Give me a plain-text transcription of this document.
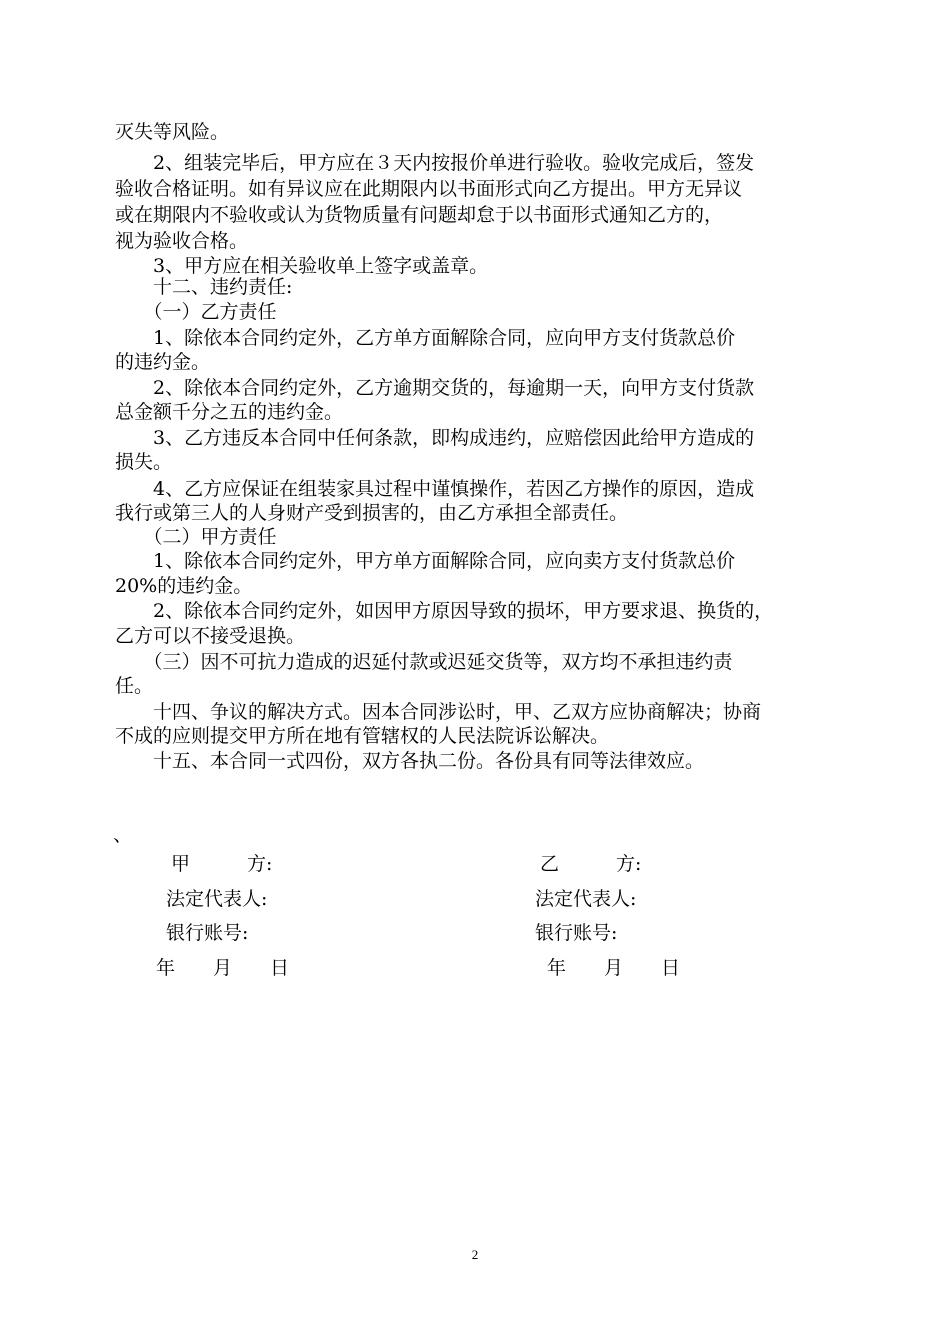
灭失等风险。
　　2、组装完毕后，甲方应在３天内按报价单进行验收。验收完成后，签发
验收合格证明。如有异议应在此期限内以书面形式向乙方提出。甲方无异议
或在期限内不验收或认为货物质量有问题却怠于以书面形式通知乙方的，
视为验收合格。
　　3、甲方应在相关验收单上签字或盖章。
　　十二、违约责任:
　　（一）乙方责任
　　1、除依本合同约定外，乙方单方面解除合同，应向甲方支付货款总价
的违约金。
　　2、除依本合同约定外，乙方逾期交货的，每逾期一天，向甲方支付货款
总金额千分之五的违约金。
　　3、乙方违反本合同中任何条款，即构成违约，应赔偿因此给甲方造成的
损失。
　　4、乙方应保证在组装家具过程中谨慎操作，若因乙方操作的原因，造成
我行或第三人的人身财产受到损害的，由乙方承担全部责任。
　　（二）甲方责任
　　1、除依本合同约定外，甲方单方面解除合同，应向卖方支付货款总价
20%的违约金。
　　2、除依本合同约定外，如因甲方原因导致的损坏，甲方要求退、换货的，
乙方可以不接受退换。
　　（三）因不可抗力造成的迟延付款或迟延交货等，双方均不承担违约责
任。
　　十四、争议的解决方式。因本合同涉讼时，甲、乙双方应协商解决；协商
不成的应则提交甲方所在地有管辖权的人民法院诉讼解决。
　　十五、本合同一式四份，双方各执二份。各份具有同等法律效应。
、
甲　　　方:
法定代表人:
银行账号:
年　　月　　日
乙　　　方:
法定代表人:
银行账号:
年　　月　　日
2
